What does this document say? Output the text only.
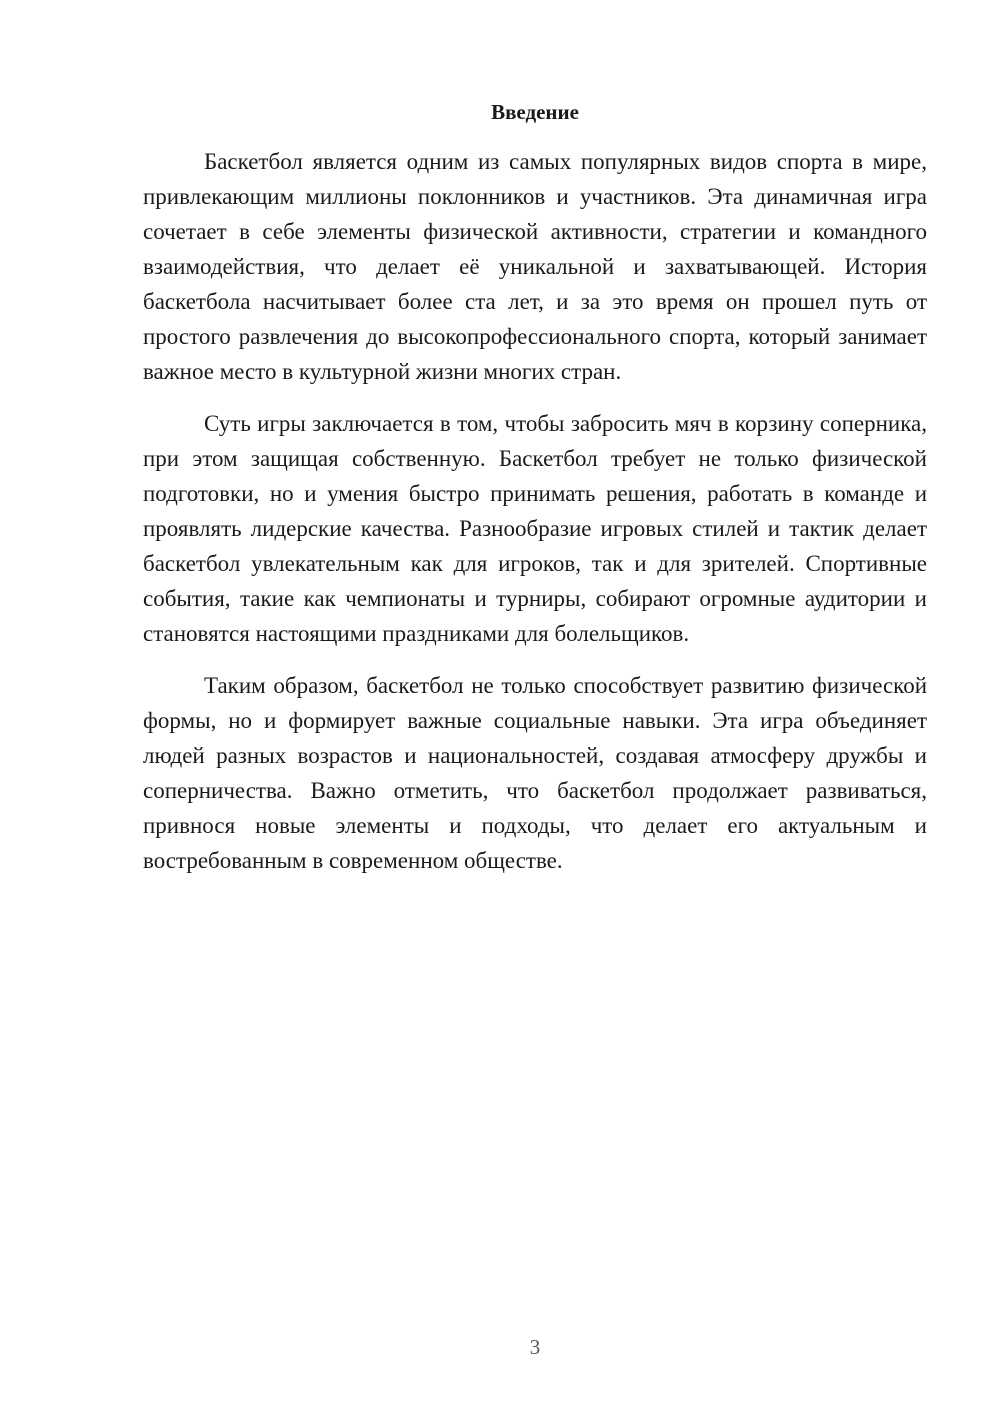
Введение

Баскетбол является одним из самых популярных видов спорта в мире, привлекающим миллионы поклонников и участников. Эта динамичная игра сочетает в себе элементы физической активности, стратегии и командного взаимодействия, что делает её уникальной и захватывающей. История баскетбола насчитывает более ста лет, и за это время он прошел путь от простого развлечения до высокопрофессионального спорта, который занимает важное место в культурной жизни многих стран.

Суть игры заключается в том, чтобы забросить мяч в корзину соперника, при этом защищая собственную. Баскетбол требует не только физической подготовки, но и умения быстро принимать решения, работать в команде и проявлять лидерские качества. Разнообразие игровых стилей и тактик делает баскетбол увлекательным как для игроков, так и для зрителей. Спортивные события, такие как чемпионаты и турниры, собирают огромные аудитории и становятся настоящими праздниками для болельщиков.

Таким образом, баскетбол не только способствует развитию физической формы, но и формирует важные социальные навыки. Эта игра объединяет людей разных возрастов и национальностей, создавая атмосферу дружбы и соперничества. Важно отметить, что баскетбол продолжает развиваться, привнося новые элементы и подходы, что делает его актуальным и востребованным в современном обществе.

3
